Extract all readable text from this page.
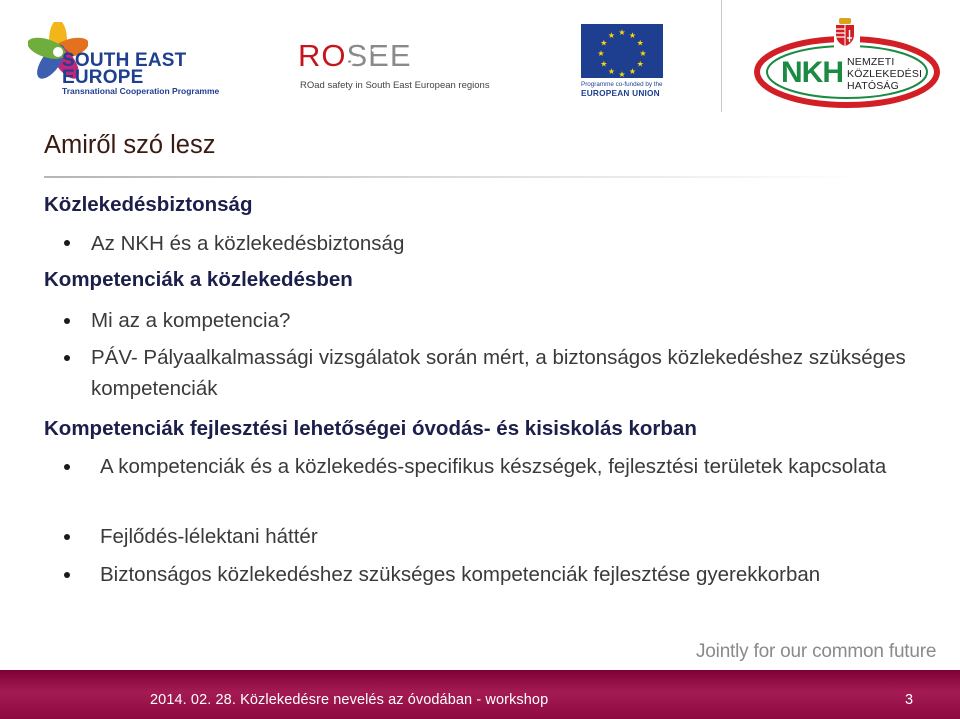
SOUTH EAST
EUROPE
Transnational Cooperation Programme
ROSEE
ROad safety in South East European regions
★ ★
★
★
★
★
★
★
★
★
★
★
Programme co-funded by the
EUROPEAN UNION
NKH NEMZETI
KÖZLEKEDÉSI
HATÓSÁG
Amiről szó lesz
Közlekedésbiztonság
Az NKH és a közlekedésbiztonság
Kompetenciák a közlekedésben
Mi az a kompetencia?
PÁV- Pályaalkalmassági vizsgálatok során mért, a biztonságos közlekedéshez szükséges kompetenciák
Kompetenciák fejlesztési lehetőségei óvodás- és kisiskolás korban
A kompetenciák és a közlekedés-specifikus készségek, fejlesztési területek kapcsolata
Fejlődés-lélektani háttér
Biztonságos közlekedéshez szükséges kompetenciák fejlesztése gyerekkorban
Jointly for our common future
2014. 02. 28. Közlekedésre nevelés az óvodában - workshop	3
